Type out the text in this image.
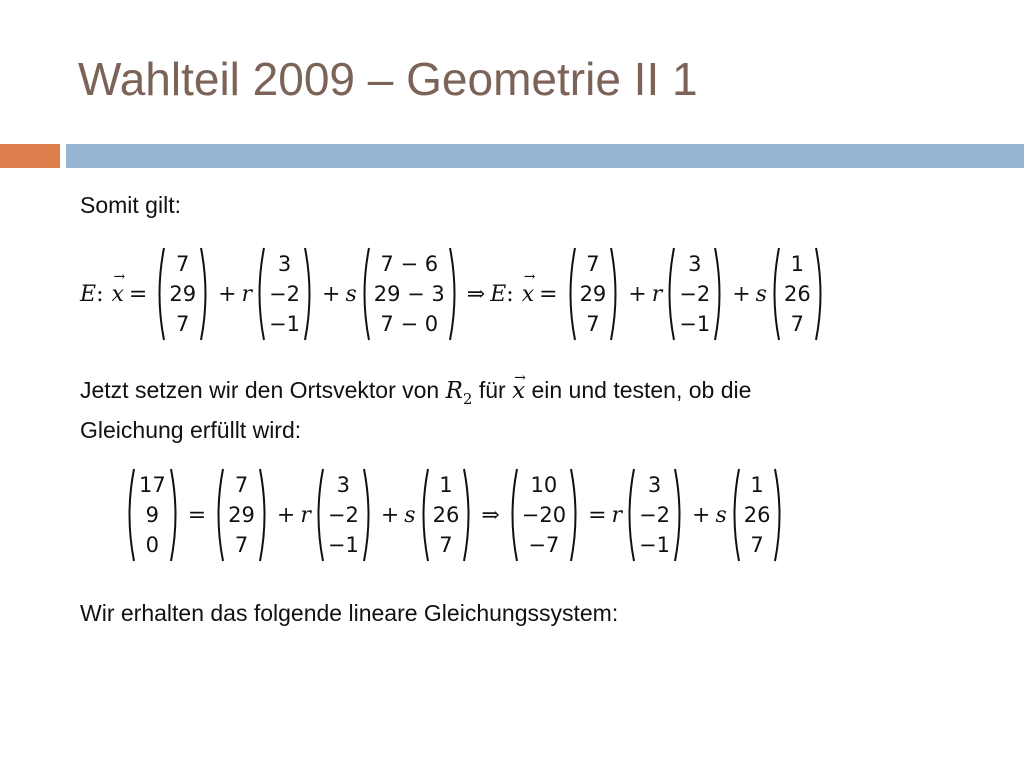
Wahlteil 2009 – Geometrie II 1
Somit gilt:
E : → x =
7
29
7
+ r
3
−2
−1
+ s
7 − 6
29 − 3
7 − 0
⇒ E : → x =
7
29
7
+ r
3
−2
−1
+ s
1
26
7
Jetzt setzen wir den Ortsvektor von $R_2$ für → x ein und testen, ob die
Gleichung erfüllt wird:
17
9
0
=
7
29
7
+ r
3
−2
−1
+ s
1
26
7
⇒
10
−20
−7
= r
3
−2
−1
+ s
1
26
7
Wir erhalten das folgende lineare Gleichungssystem:
